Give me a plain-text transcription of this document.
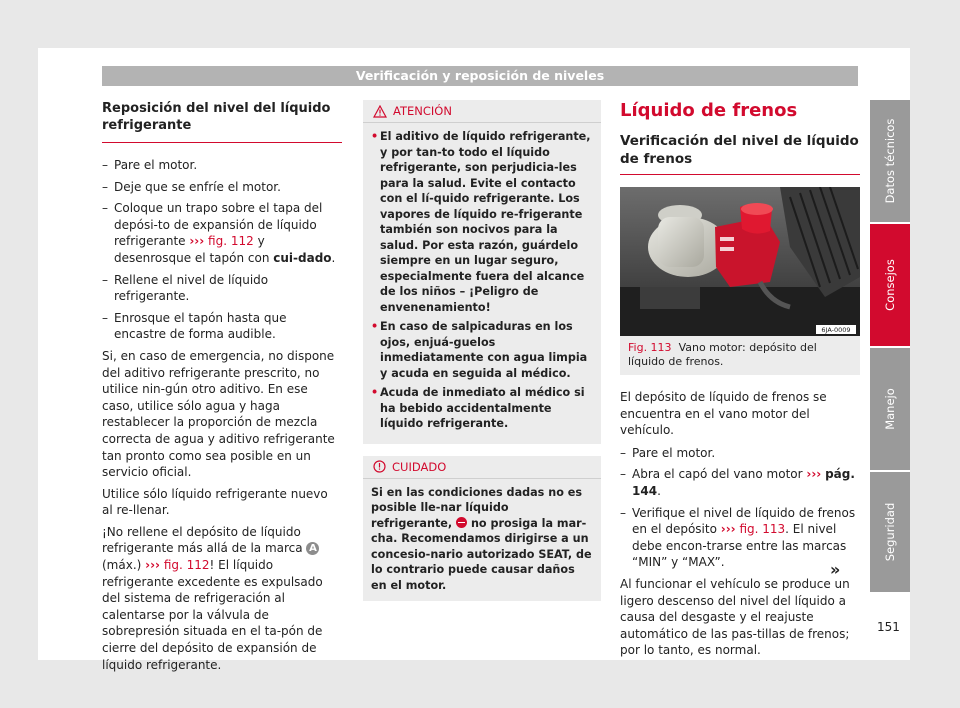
Verificación y reposición de niveles
Datos técnicos
Consejos
Manejo
Seguridad
151
Reposición del nivel del líquido refrigerante
– Pare el motor.
– Deje que se enfríe el motor.
– Coloque un trapo sobre el tapa del depósi-to de expansión de líquido refrigerante ››› fig. 112 y desenrosque el tapón con cui-dado.
– Rellene el nivel de líquido refrigerante.
– Enrosque el tapón hasta que encastre de forma audible.

Si, en caso de emergencia, no dispone del aditivo refrigerante prescrito, no utilice nin-gún otro aditivo. En ese caso, utilice sólo agua y haga restablecer la proporción de mezcla correcta de agua y aditivo refrigerante tan pronto como sea posible en un servicio oficial.

Utilice sólo líquido refrigerante nuevo al re-llenar.

¡No rellene el depósito de líquido refrigerante más allá de la marca A (máx.) ››› fig. 112! El líquido refrigerante excedente es expulsado del sistema de refrigeración al calentarse por la válvula de sobrepresión situada en el ta-pón de cierre del depósito de expansión de líquido refrigerante.

ATENCIÓN
• El aditivo de líquido refrigerante, y por tan-to todo el líquido refrigerante, son perjudicia-les para la salud. Evite el contacto con el lí-quido refrigerante. Los vapores de líquido re-frigerante también son nocivos para la salud. Por esta razón, guárdelo siempre en un lugar seguro, especialmente fuera del alcance de los niños – ¡Peligro de envenenamiento!
• En caso de salpicaduras en los ojos, enjuá-guelos inmediatamente con agua limpia y acuda en seguida al médico.
• Acuda de inmediato al médico si ha bebido accidentalmente líquido refrigerante.
CUIDADO
Si en las condiciones dadas no es posible lle-nar líquido refrigerante, no prosiga la mar-cha. Recomendamos dirigirse a un concesio-nario autorizado SEAT, de lo contrario puede causar daños en el motor.
Líquido de frenos
Verificación del nivel de líquido de frenos
6JA-0009
Fig. 113 Vano motor: depósito del líquido de frenos.

El depósito de líquido de frenos se encuentra en el vano motor del vehículo.

– Pare el motor.
– Abra el capó del vano motor ››› pág. 144.
– Verifique el nivel de líquido de frenos en el depósito ››› fig. 113. El nivel debe encon-trarse entre las marcas “MIN” y “MAX”.

Al funcionar el vehículo se produce un ligero descenso del nivel del líquido a causa del desgaste y el reajuste automático de las pas-tillas de frenos; por lo tanto, es normal.

»
